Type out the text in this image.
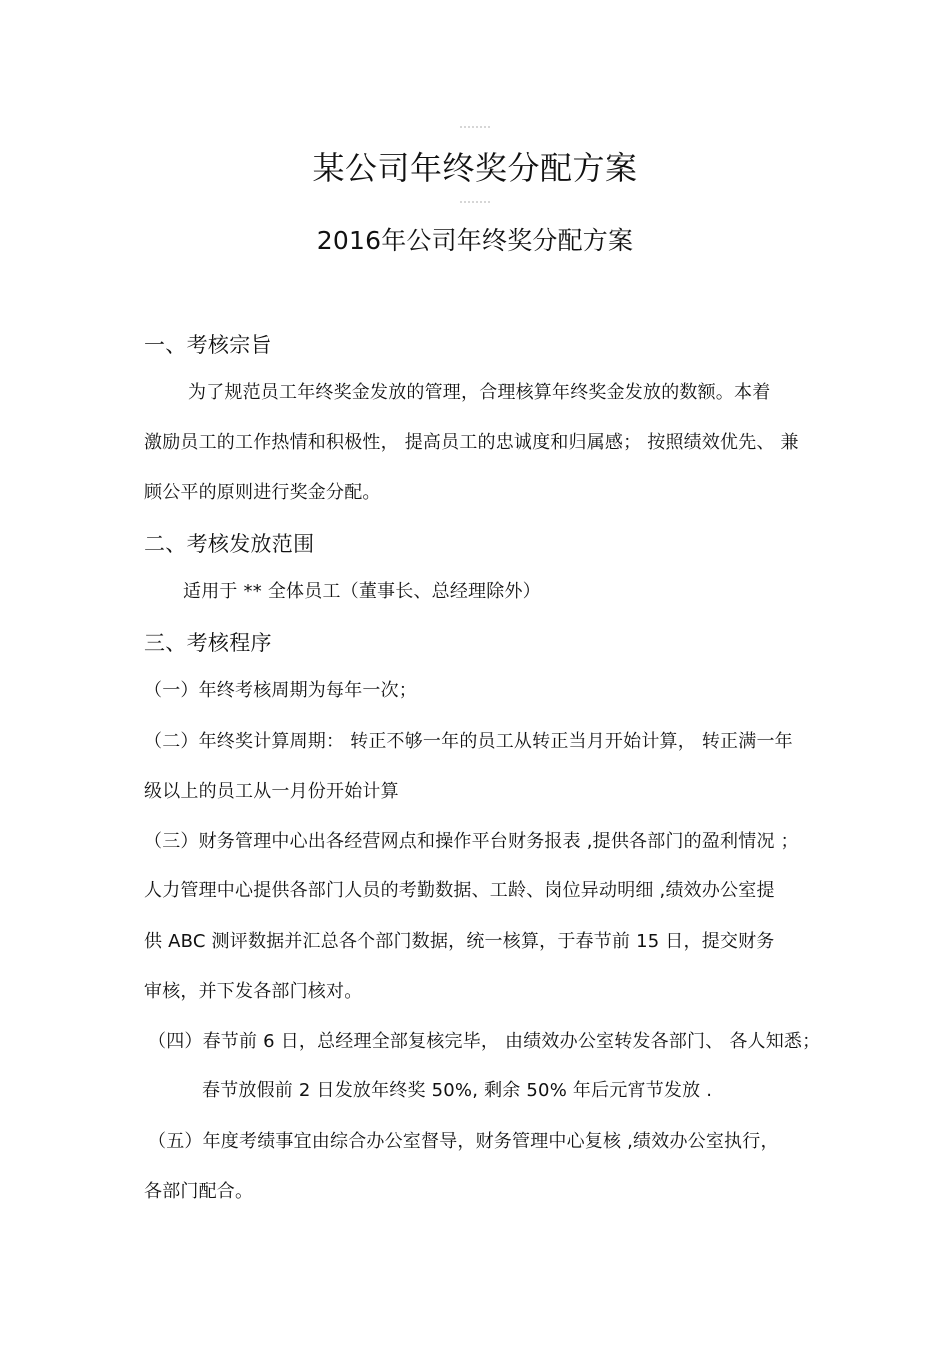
某公司年终奖分配方案
2016年公司年终奖分配方案
一、考核宗旨
为了规范员工年终奖金发放的管理，合理核算年终奖金发放的数额。本着
激励员工的工作热情和积极性， 提高员工的忠诚度和归属感； 按照绩效优先、 兼
顾公平的原则进行奖金分配。
二、考核发放范围
适用于 ** 全体员工（董事长、总经理除外）
三、考核程序
（一）年终考核周期为每年一次；
（二）年终奖计算周期： 转正不够一年的员工从转正当月开始计算， 转正满一年
级以上的员工从一月份开始计算
（三）财务管理中心出各经营网点和操作平台财务报表 ,提供各部门的盈利情况 ；
人力管理中心提供各部门人员的考勤数据、工龄、岗位异动明细 ,绩效办公室提
供 ABC 测评数据并汇总各个部门数据，统一核算，于春节前 15 日，提交财务
审核，并下发各部门核对。
（四）春节前 6 日，总经理全部复核完毕， 由绩效办公室转发各部门、 各人知悉；
春节放假前 2 日发放年终奖 50%, 剩余 50% 年后元宵节发放 .
（五）年度考绩事宜由综合办公室督导，财务管理中心复核 ,绩效办公室执行，
各部门配合。
